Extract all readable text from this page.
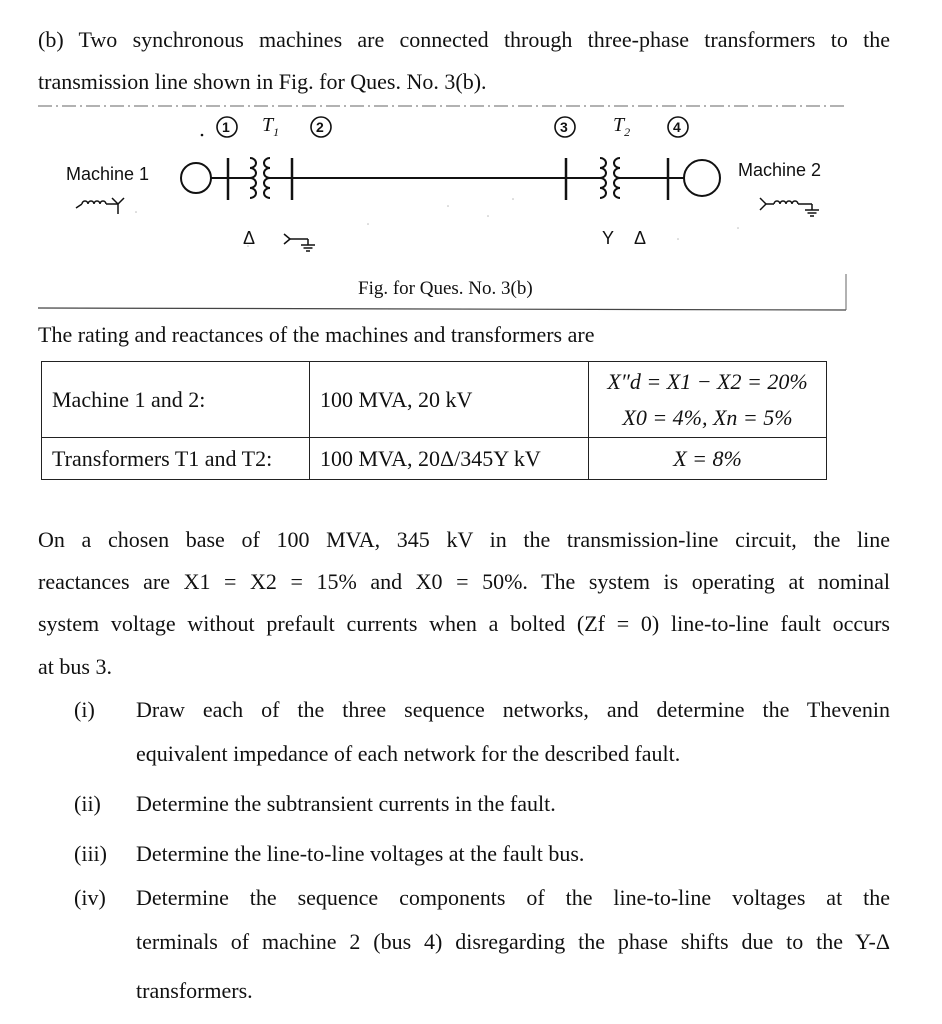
(b) Two synchronous machines are connected through three-phase transformers to the
transmission line shown in Fig. for Ques. No. 3(b).
Machine 1	Machine 2
1	2	3	4
$T_1$	$T_2$
Δ	Y Δ
Fig. for Ques. No. 3(b)
The rating and reactances of the machines and transformers are
Machine 1 and 2:	100 MVA, 20 kV	X″d = X1 − X2 = 20%
X0 = 4%, Xn = 5%

Transformers T1 and T2:	100 MVA, 20Δ/345Y kV	X = 8%
On a chosen base of 100 MVA, 345 kV in the transmission-line circuit, the line
reactances are X1 = X2 = 15% and X0 = 50%. The system is operating at nominal
system voltage without prefault currents when a bolted (Zf = 0) line-to-line fault occurs
at bus 3.
(i) Draw each of the three sequence networks, and determine the Thevenin
equivalent impedance of each network for the described fault.
(ii) Determine the subtransient currents in the fault.
(iii) Determine the line-to-line voltages at the fault bus.
(iv) Determine the sequence components of the line-to-line voltages at the
terminals of machine 2 (bus 4) disregarding the phase shifts due to the Y-Δ
transformers.
